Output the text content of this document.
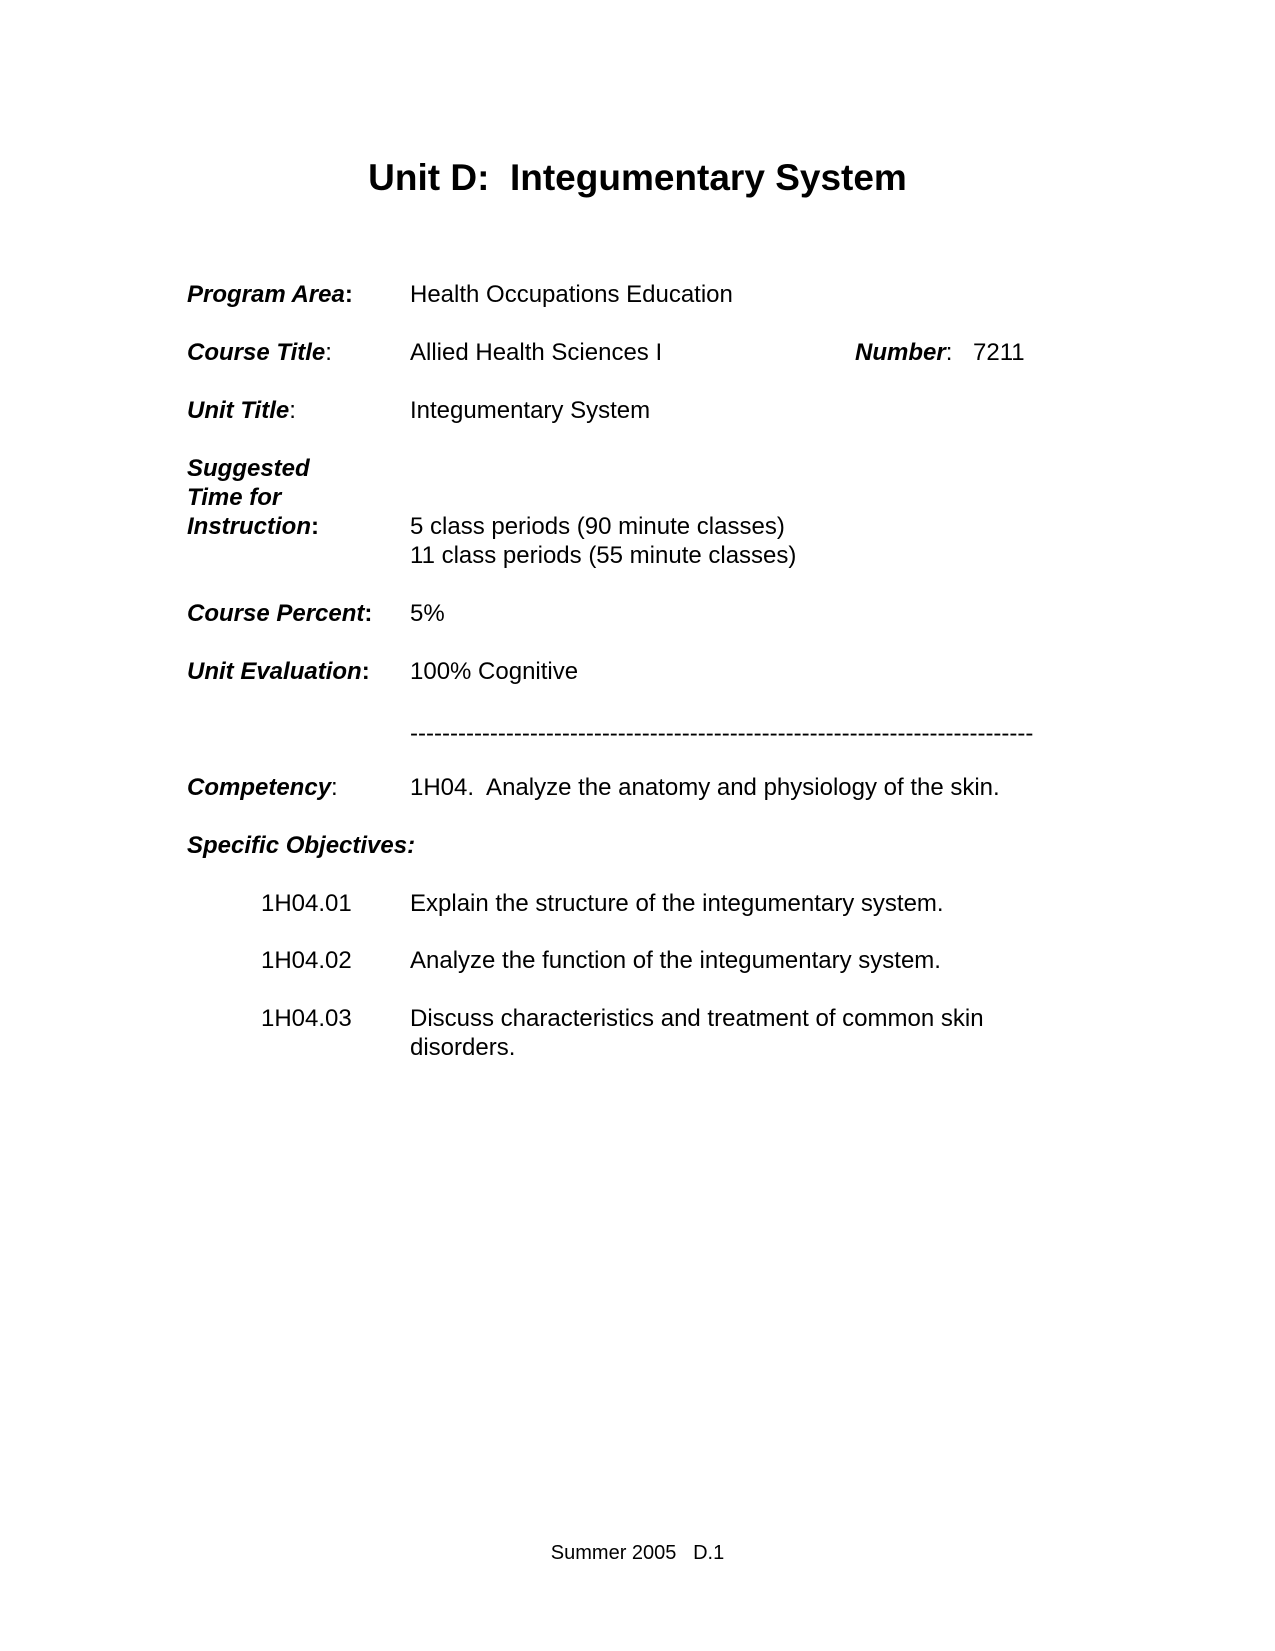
Unit D:  Integumentary System
Program Area: Health Occupations Education
Course Title:	Allied Health Sciences I	Number: 7211
Unit Title:	Integumentary System
Suggested
Time for
Instruction:	5 class periods (90 minute classes)
11 class periods (55 minute classes)
Course Percent: 5%
Unit Evaluation: 100% Cognitive
------------------------------------------------------------------------------
Competency:	1H04.  Analyze the anatomy and physiology of the skin.
Specific Objectives:
1H04.01 Explain the structure of the integumentary system.
1H04.02 Analyze the function of the integumentary system.
1H04.03 Discuss characteristics and treatment of common skin disorders.
Summer 2005   D.1
